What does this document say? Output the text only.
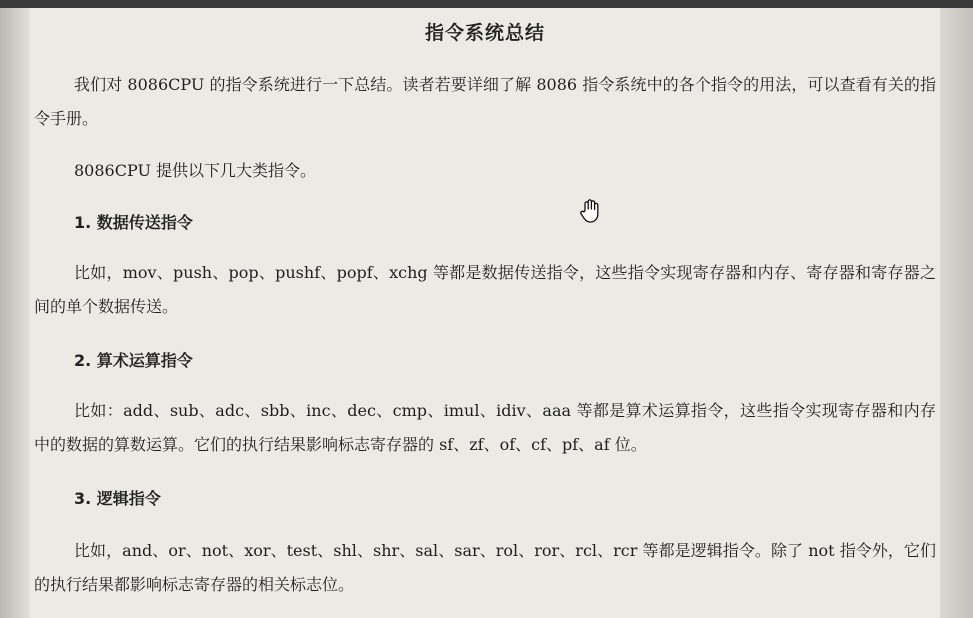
指令系统总结

我们对 8086CPU 的指令系统进行一下总结。读者若要详细了解 8086 指令系统中的各个指令的用法，可以查看有关的指令手册。

8086CPU 提供以下几大类指令。

1. 数据传送指令

比如，mov、push、pop、pushf、popf、xchg 等都是数据传送指令，这些指令实现寄存器和内存、寄存器和寄存器之间的单个数据传送。

2. 算术运算指令

比如：add、sub、adc、sbb、inc、dec、cmp、imul、idiv、aaa 等都是算术运算指令，这些指令实现寄存器和内存中的数据的算数运算。它们的执行结果影响标志寄存器的 sf、zf、of、cf、pf、af 位。

3. 逻辑指令

比如，and、or、not、xor、test、shl、shr、sal、sar、rol、ror、rcl、rcr 等都是逻辑指令。除了 not 指令外，它们的执行结果都影响标志寄存器的相关标志位。
